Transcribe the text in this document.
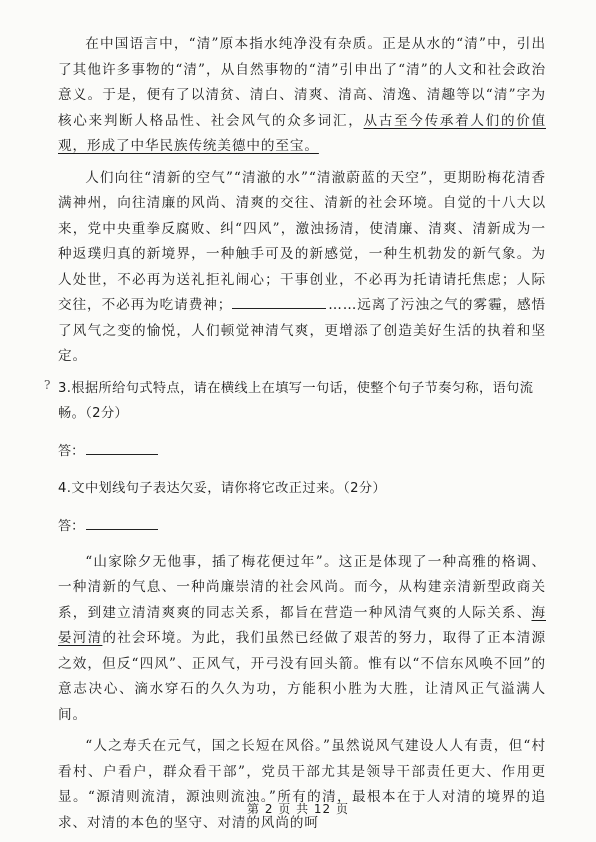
在中国语言中，“清”原本指水纯净没有杂质。正是从水的“清”中，引出了其他许多事物的“清”，从自然事物的“清”引申出了“清”的人文和社会政治意义。于是，便有了以清贫、清白、清爽、清高、清逸、清趣等以“清”字为核心来判断人格品性、社会风气的众多词汇，从古至今传承着人们的价值观，形成了中华民族传统美德中的至宝。

人们向往“清新的空气”“清澈的水”“清澈蔚蓝的天空”，更期盼梅花清香满神州，向往清廉的风尚、清爽的交往、清新的社会环境。自觉的十八大以来，党中央重拳反腐败、纠“四风”，激浊扬清，使清廉、清爽、清新成为一种返璞归真的新境界，一种触手可及的新感觉，一种生机勃发的新气象。为人处世，不必再为送礼拒礼闹心；干事创业，不必再为托请请托焦虑；人际交往，不必再为吃请费神；	……远离了污浊之气的雾霾，感悟了风气之变的愉悦，人们顿觉神清气爽，更增添了创造美好生活的执着和坚定。

? 3.根据所给句式特点，请在横线上在填写一句话，使整个句子节奏匀称，语句流畅。（2分）

答：

4.文中划线句子表达欠妥，请你将它改正过来。（2分）

答：

“山家除夕无他事，插了梅花便过年”。这正是体现了一种高雅的格调、一种清新的气息、一种尚廉崇清的社会风尚。而今，从构建亲清新型政商关系，到建立清清爽爽的同志关系，都旨在营造一种风清气爽的人际关系、海晏河清的社会环境。为此，我们虽然已经做了艰苦的努力，取得了正本清源之效，但反“四风”、正风气，开弓没有回头箭。惟有以“不信东风唤不回”的意志决心、滴水穿石的久久为功，方能积小胜为大胜，让清风正气溢满人间。

“人之寿夭在元气，国之长短在风俗。”虽然说风气建设人人有责，但“村看村、户看户，群众看干部”，党员干部尤其是领导干部责任更大、作用更显。“源清则流清，源浊则流浊。”所有的清，最根本在于人对清的境界的追求、对清的本色的坚守、对清的风尚的呵

第 2 页 共 12 页
